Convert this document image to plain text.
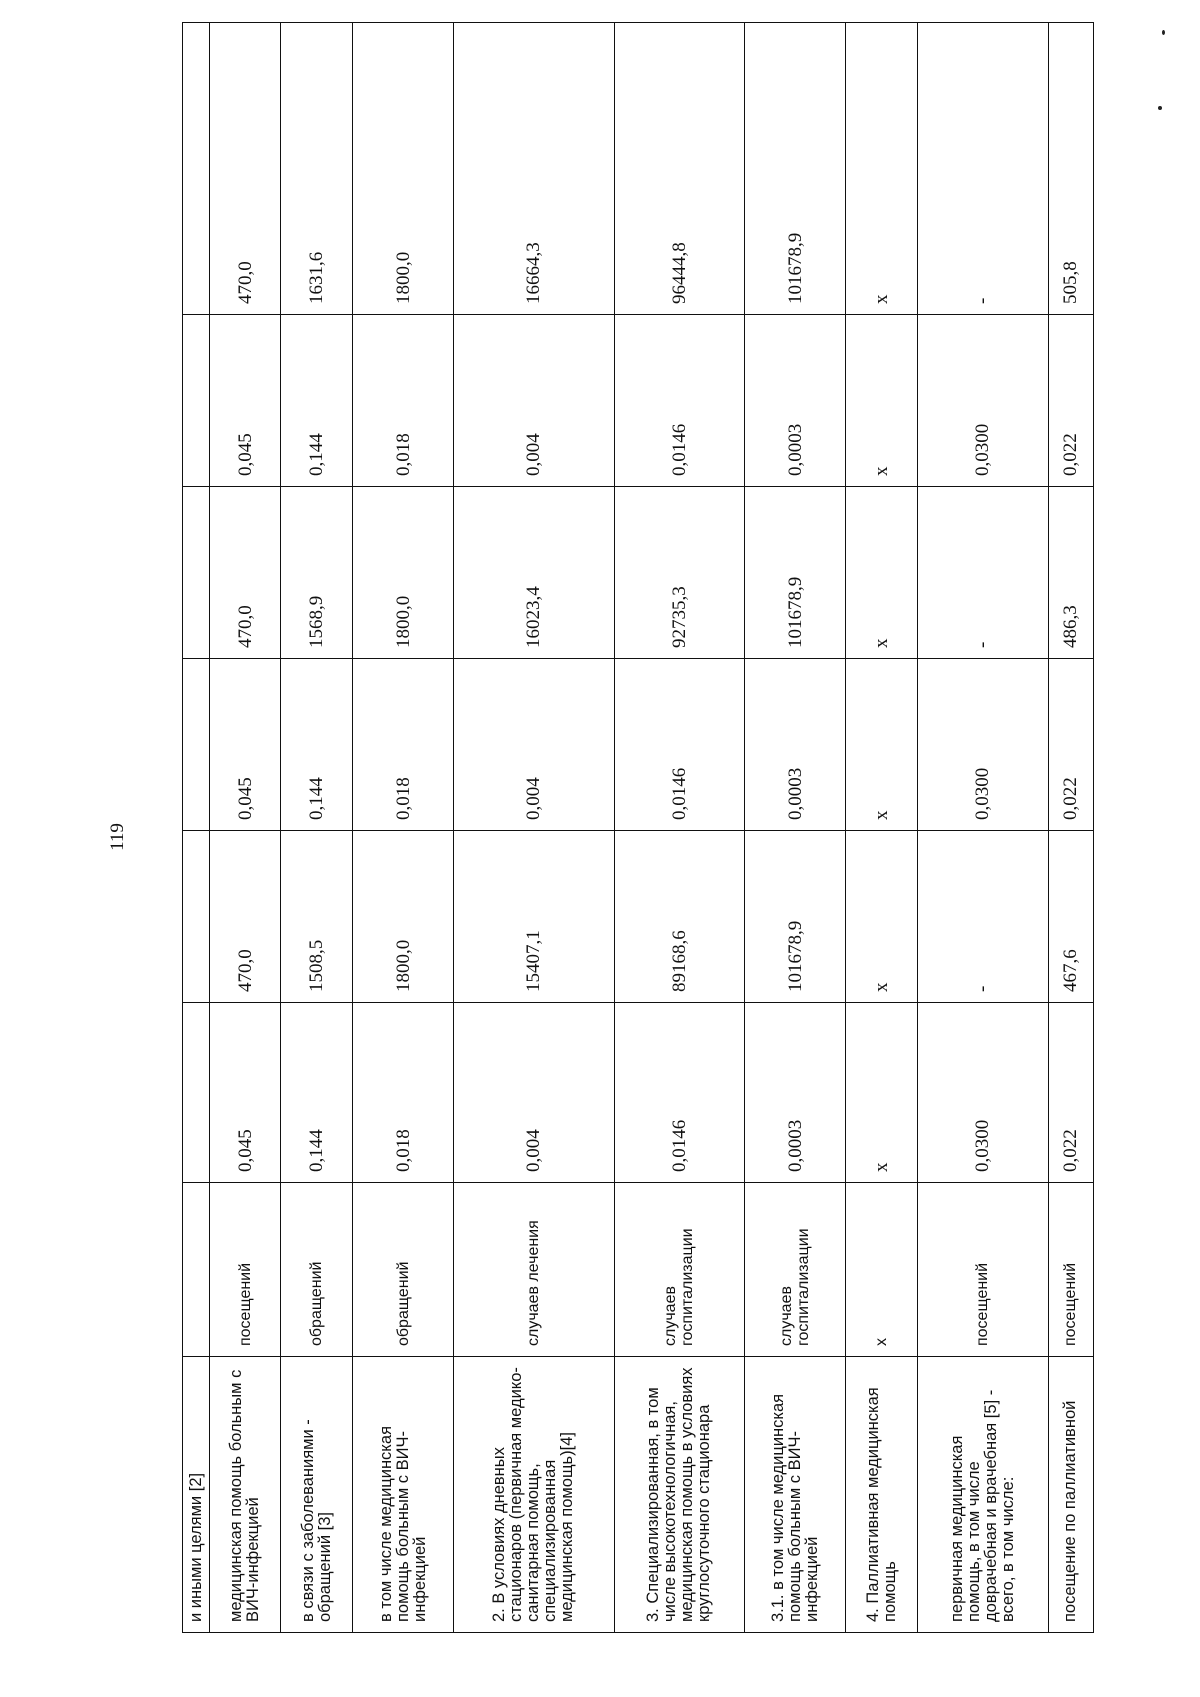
119
и иными целями [2]							
медицинская помощь больным с ВИЧ-инфекцией	посещений	0,045	470,0	0,045	470,0	0,045	470,0
в связи с заболеваниями - обращений [3]	обращений	0,144	1508,5	0,144	1568,9	0,144	1631,6
в том числе медицинская помощь больным с ВИЧ-инфекцией	обращений	0,018	1800,0	0,018	1800,0	0,018	1800,0
2. В условиях дневных стационаров (первичная медико-санитарная помощь, специализированная медицинская помощь)[4]	случаев лечения	0,004	15407,1	0,004	16023,4	0,004	16664,3
3. Специализированная, в том числе высокотехнологичная, медицинская помощь в условиях круглосуточного стационара	случаев госпитализации	0,0146	89168,6	0,0146	92735,3	0,0146	96444,8
3.1. в том числе медицинская помощь больным с ВИЧ-инфекцией	случаев госпитализации	0,0003	101678,9	0,0003	101678,9	0,0003	101678,9
4. Паллиативная медицинская помощь	x	x	x	x	x	x	x
первичная медицинская помощь, в том числе доврачебная и врачебная [5] - всего, в том числе:	посещений	0,0300	-	0,0300	-	0,0300	-
посещение по паллиативной	посещений	0,022	467,6	0,022	486,3	0,022	505,8
